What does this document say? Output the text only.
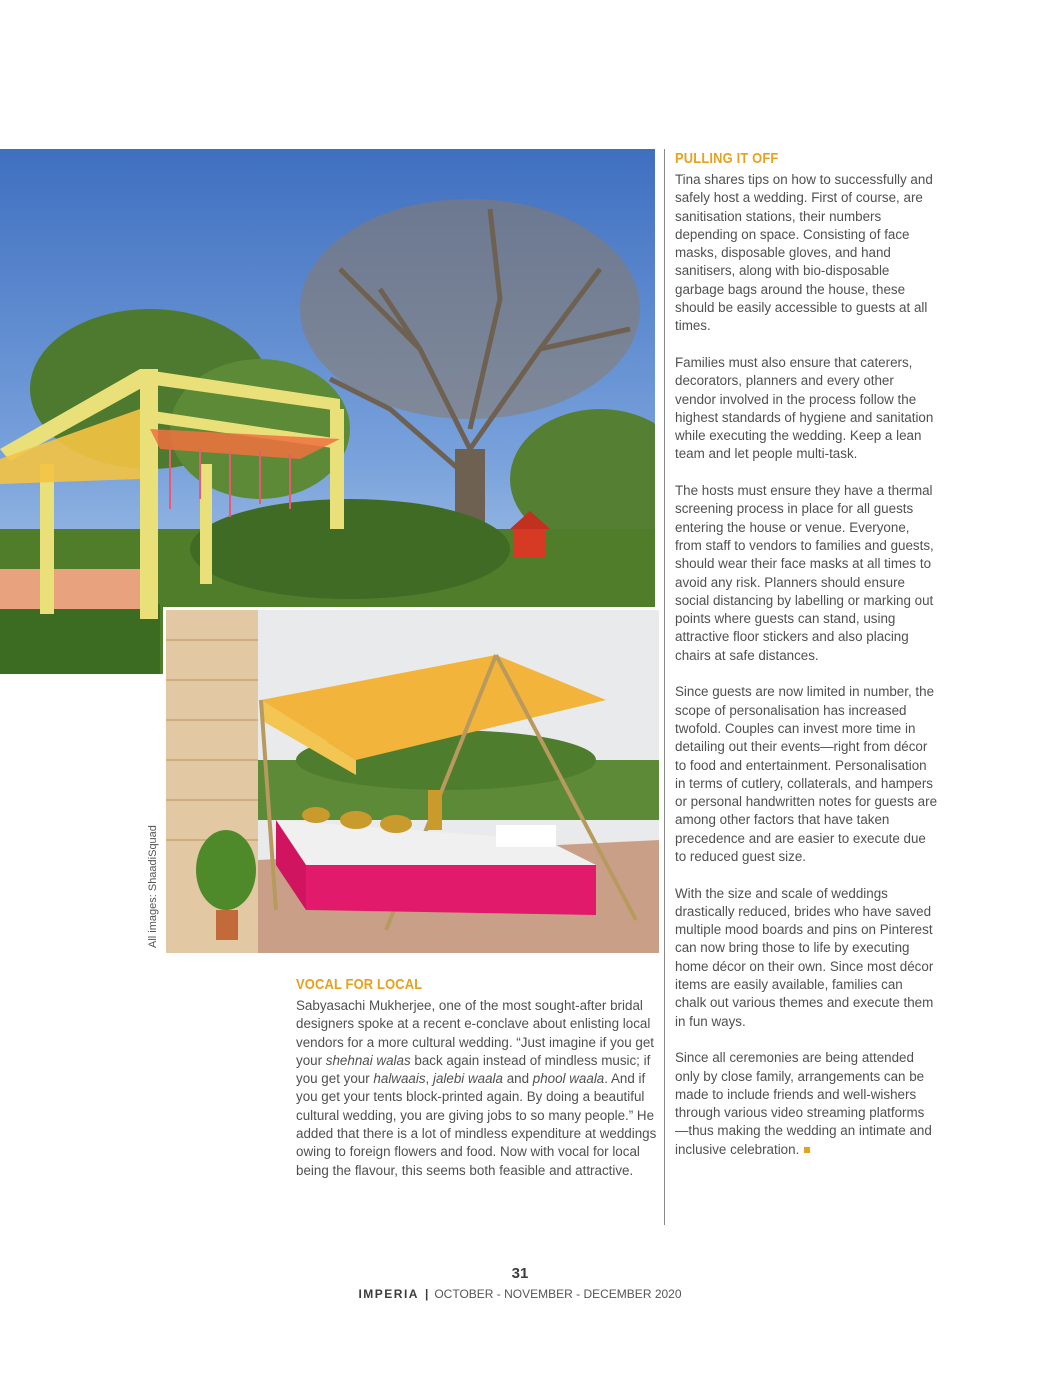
All images: ShaadiSquad
PULLING IT OFF

Tina shares tips on how to successfully and safely host a wedding. First of course, are sanitisation stations, their numbers depending on space. Consisting of face masks, disposable gloves, and hand sanitisers, along with bio-disposable garbage bags around the house, these should be easily accessible to guests at all times.

Families must also ensure that caterers, decorators, planners and every other vendor involved in the process follow the highest standards of hygiene and sanitation while executing the wedding. Keep a lean team and let people multi-task.

The hosts must ensure they have a thermal screening process in place for all guests entering the house or venue. Everyone, from staff to vendors to families and guests, should wear their face masks at all times to avoid any risk. Planners should ensure social distancing by labelling or marking out points where guests can stand, using attractive floor stickers and also placing chairs at safe distances.

Since guests are now limited in number, the scope of personalisation has increased twofold. Couples can invest more time in detailing out their events—right from décor to food and entertainment. Personalisation in terms of cutlery, collaterals, and hampers or personal handwritten notes for guests are among other factors that have taken precedence and are easier to execute due to reduced guest size.

With the size and scale of weddings drastically reduced, brides who have saved multiple mood boards and pins on Pinterest can now bring those to life by executing home décor on their own. Since most décor items are easily available, families can chalk out various themes and execute them in fun ways.

Since all ceremonies are being attended only by close family, arrangements can be made to include friends and well-wishers through various video streaming platforms—thus making the wedding an intimate and inclusive celebration.

VOCAL FOR LOCAL

Sabyasachi Mukherjee, one of the most sought-after bridal designers spoke at a recent e-conclave about enlisting local vendors for a more cultural wedding. “Just imagine if you get your shehnai walas back again instead of mindless music; if you get your halwaais, jalebi waala and phool waala. And if you get your tents block-printed again. By doing a beautiful cultural wedding, you are giving jobs to so many people.” He added that there is a lot of mindless expenditure at weddings owing to foreign flowers and food. Now with vocal for local being the flavour, this seems both feasible and attractive.

31
IMPERIA | OCTOBER - NOVEMBER - DECEMBER 2020
